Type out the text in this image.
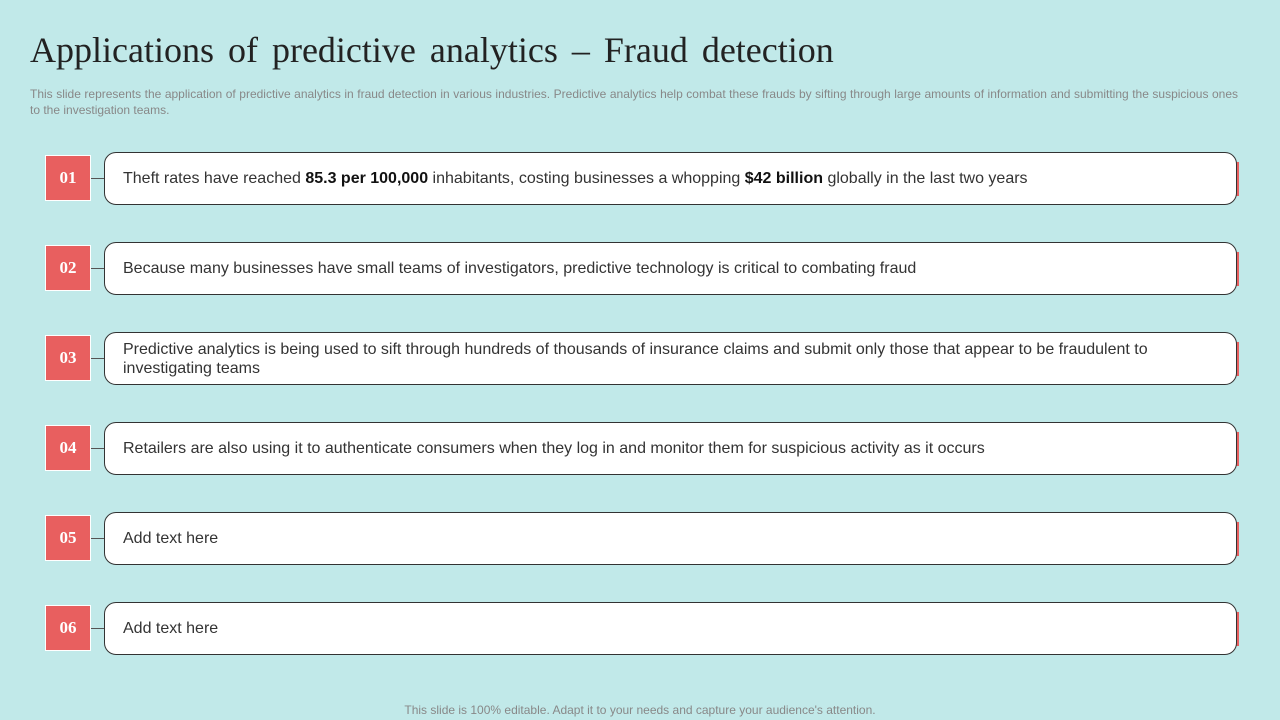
Applications of predictive analytics – Fraud detection
This slide represents the application of predictive analytics in fraud detection in various industries. Predictive analytics help combat these frauds by sifting through large amounts of information and submitting the suspicious ones to the investigation teams.
01	Theft rates have reached 85.3 per 100,000 inhabitants, costing businesses a whopping $42 billion globally in the last two years
02	Because many businesses have small teams of investigators, predictive technology is critical to combating fraud
03	Predictive analytics is being used to sift through hundreds of thousands of insurance claims and submit only those that appear to be fraudulent to investigating teams
04	Retailers are also using it to authenticate consumers when they log in and monitor them for suspicious activity as it occurs
05	Add text here
06	Add text here
This slide is 100% editable. Adapt it to your needs and capture your audience's attention.
